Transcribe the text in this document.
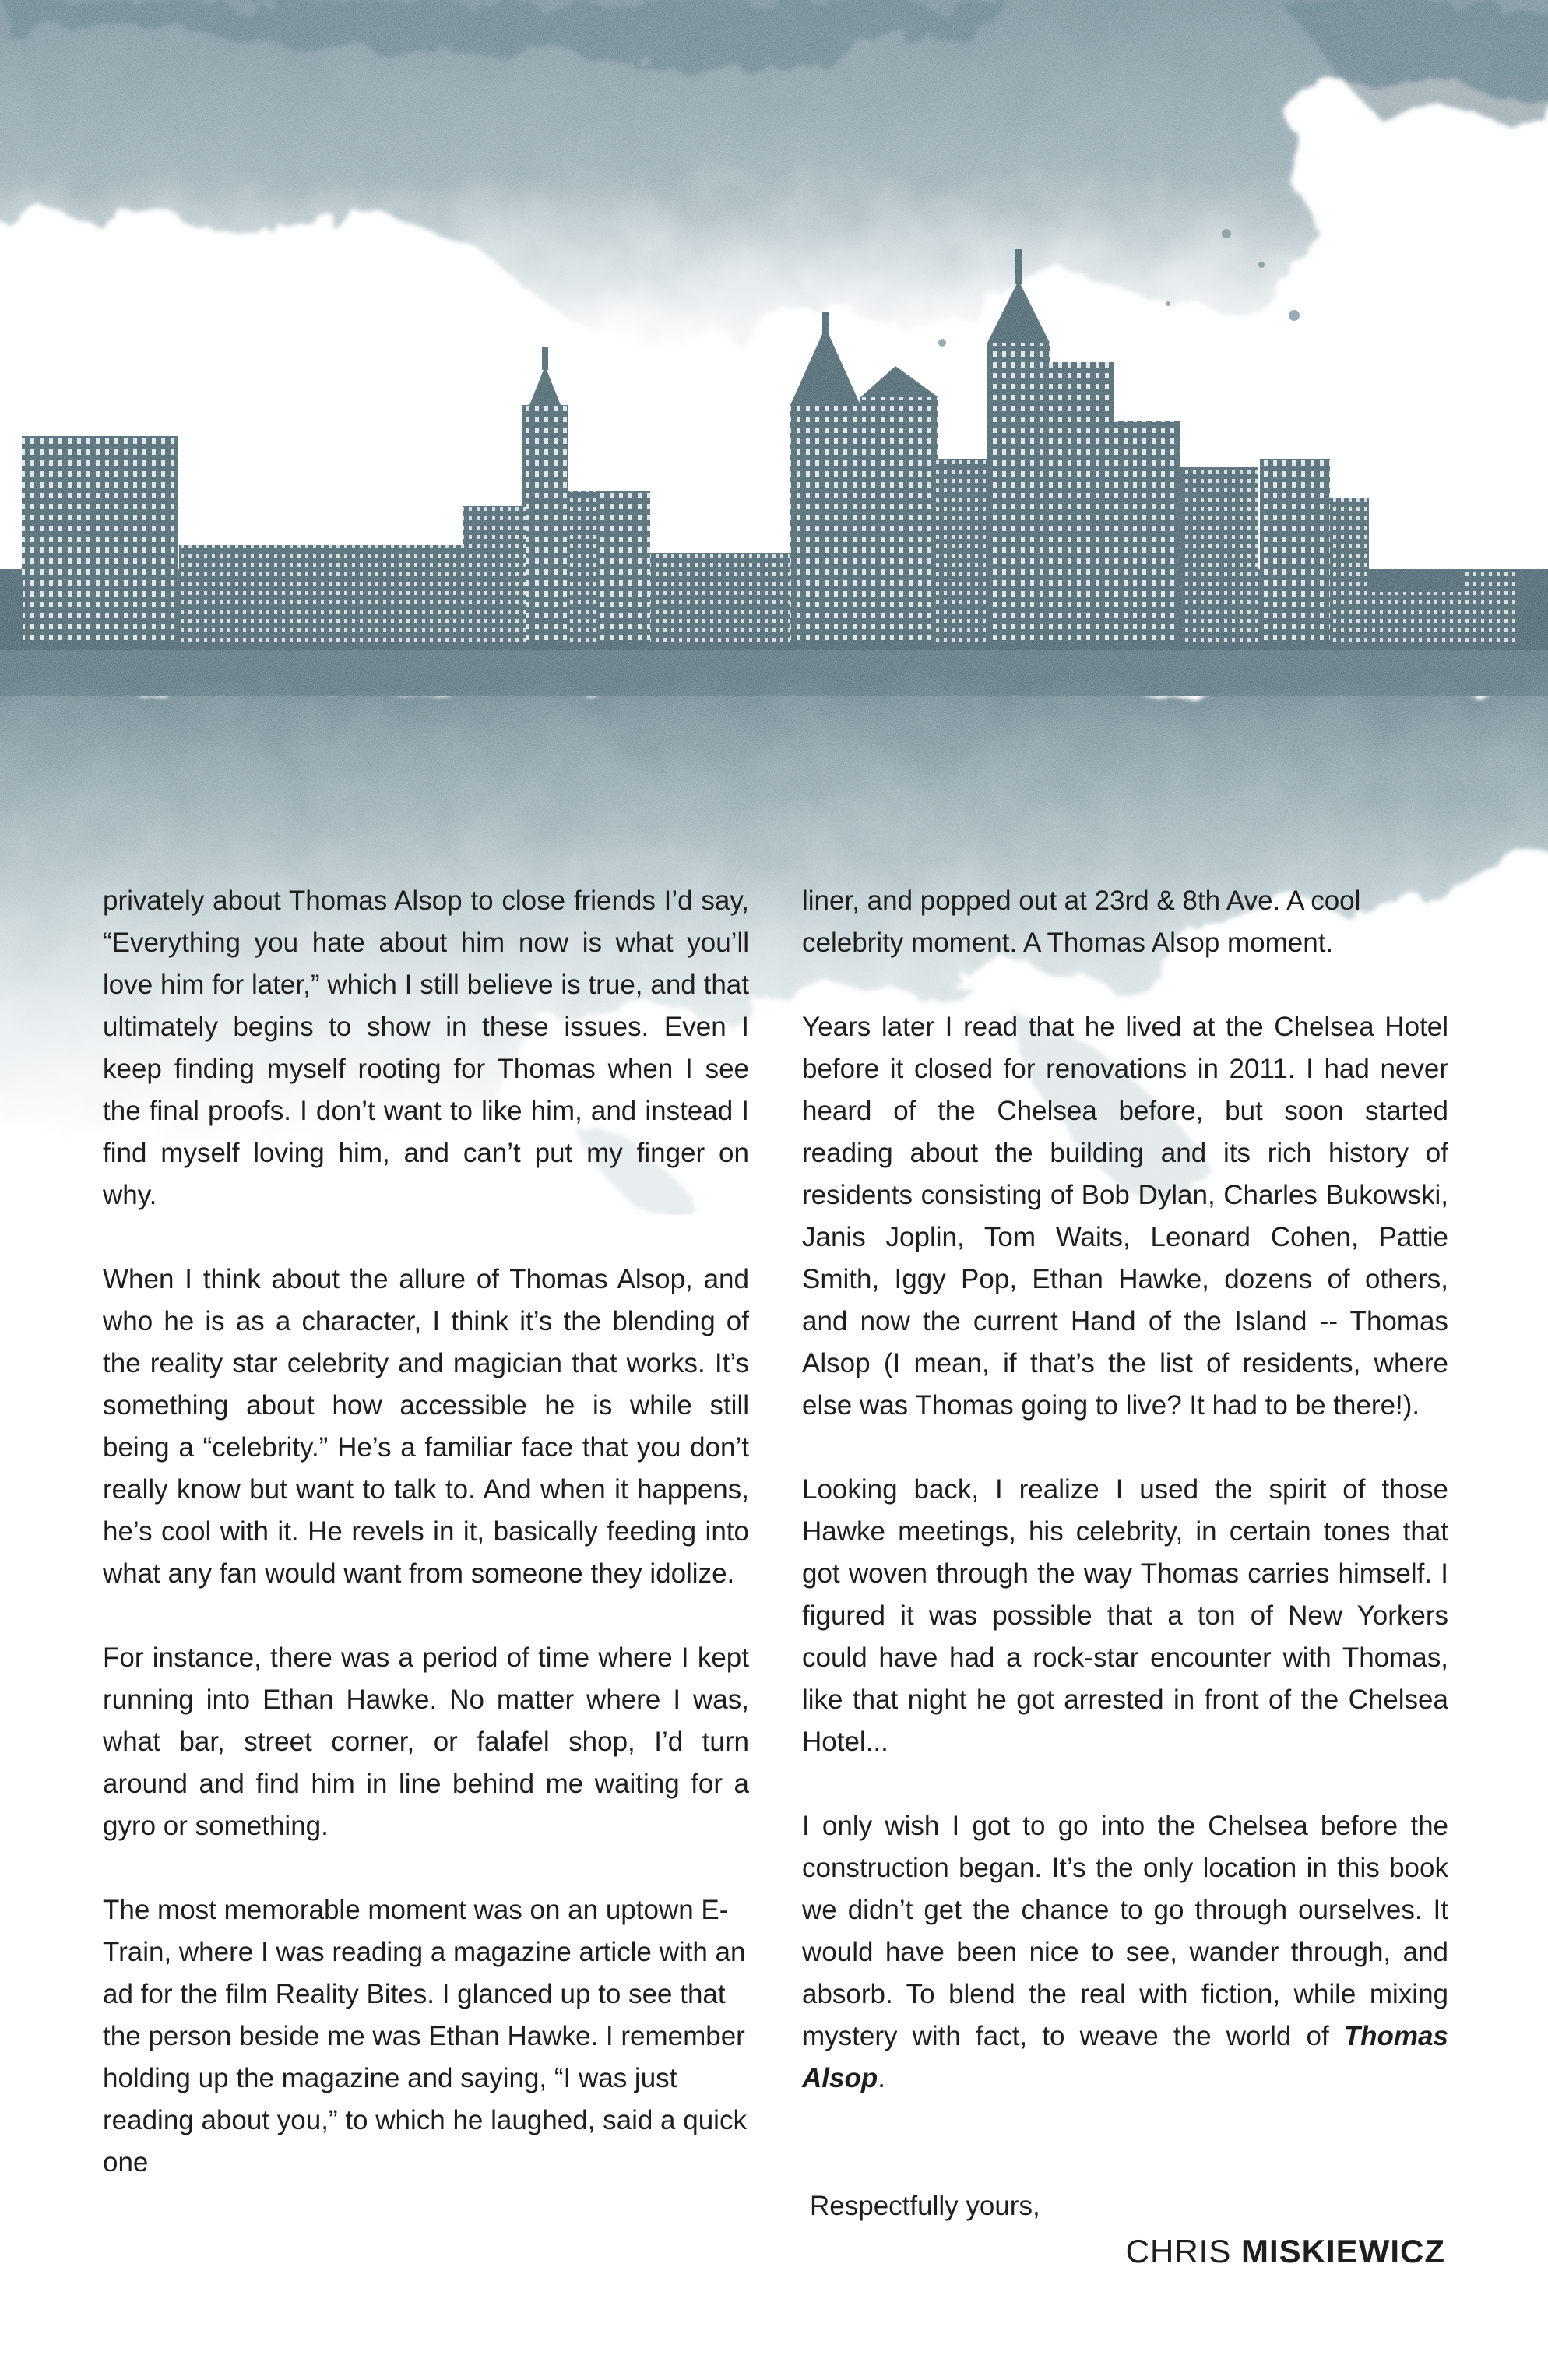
privately about Thomas Alsop to close friends I’d say, “Everything you hate about him now is what you’ll love him for later,” which I still believe is true, and that ultimately begins to show in these issues. Even I keep finding myself rooting for Thomas when I see the final proofs. I don’t want to like him, and instead I find myself loving him, and can’t put my finger on why.

When I think about the allure of Thomas Alsop, and who he is as a character, I think it’s the blending of the reality star celebrity and magician that works. It’s something about how accessible he is while still being a “celebrity.” He’s a familiar face that you don’t really know but want to talk to. And when it happens, he’s cool with it. He revels in it, basically feeding into what any fan would want from someone they idolize.

For instance, there was a period of time where I kept running into Ethan Hawke. No matter where I was, what bar, street corner, or falafel shop, I’d turn around and find him in line behind me waiting for a gyro or something.

The most memorable moment was on an uptown E-Train, where I was reading a magazine article with an ad for the film Reality Bites. I glanced up to see that the person beside me was Ethan Hawke. I remember holding up the magazine and saying, “I was just reading about you,” to which he laughed, said a quick one

liner, and popped out at 23rd & 8th Ave. A cool celebrity moment. A Thomas Alsop moment.

Years later I read that he lived at the Chelsea Hotel before it closed for renovations in 2011. I had never heard of the Chelsea before, but soon started reading about the building and its rich history of residents consisting of Bob Dylan, Charles Bukowski, Janis Joplin, Tom Waits, Leonard Cohen, Pattie Smith, Iggy Pop, Ethan Hawke, dozens of others, and now the current Hand of the Island -- Thomas Alsop (I mean, if that’s the list of residents, where else was Thomas going to live? It had to be there!).

Looking back, I realize I used the spirit of those Hawke meetings, his celebrity, in certain tones that got woven through the way Thomas carries himself. I figured it was possible that a ton of New Yorkers could have had a rock-star encounter with Thomas, like that night he got arrested in front of the Chelsea Hotel...

I only wish I got to go into the Chelsea before the construction began. It’s the only location in this book we didn’t get the chance to go through ourselves. It would have been nice to see, wander through, and absorb. To blend the real with fiction, while mixing mystery with fact, to weave the world of Thomas Alsop.

Respectfully yours,
CHRIS MISKIEWICZ
